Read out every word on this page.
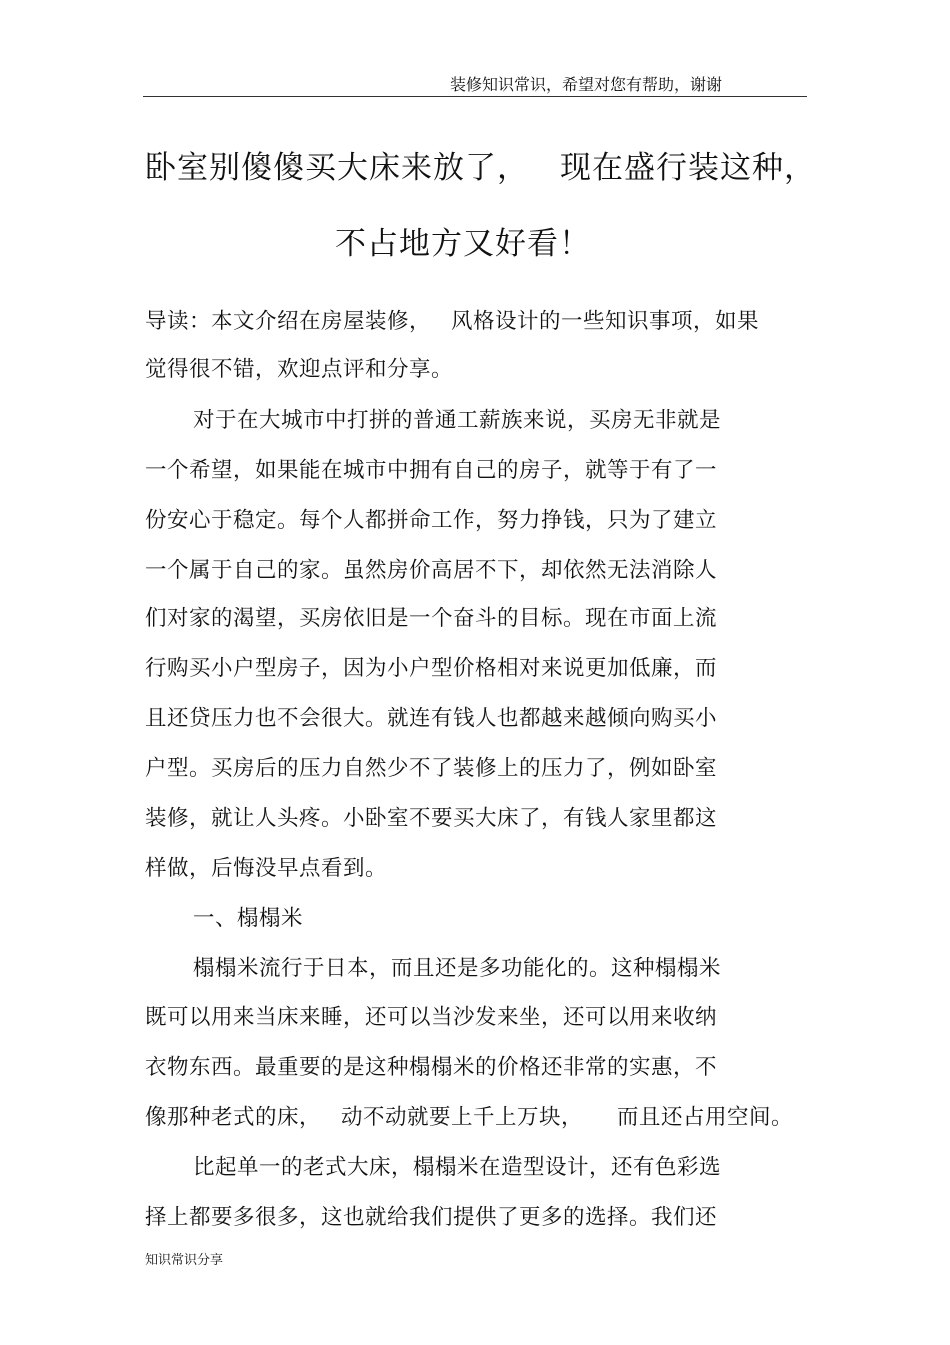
装修知识常识，希望对您有帮助，谢谢
卧室别傻傻买大床来放了， 现在盛行装这种，
不占地方又好看！
导读：本文介绍在房屋装修， 风格设计的一些知识事项，如果
觉得很不错，欢迎点评和分享。
对于在大城市中打拼的普通工薪族来说，买房无非就是
一个希望，如果能在城市中拥有自己的房子，就等于有了一
份安心于稳定。每个人都拼命工作，努力挣钱，只为了建立
一个属于自己的家。虽然房价高居不下，却依然无法消除人
们对家的渴望，买房依旧是一个奋斗的目标。现在市面上流
行购买小户型房子，因为小户型价格相对来说更加低廉，而
且还贷压力也不会很大。就连有钱人也都越来越倾向购买小
户型。买房后的压力自然少不了装修上的压力了，例如卧室
装修，就让人头疼。小卧室不要买大床了，有钱人家里都这
样做，后悔没早点看到。
一、榻榻米
榻榻米流行于日本，而且还是多功能化的。这种榻榻米
既可以用来当床来睡，还可以当沙发来坐，还可以用来收纳
衣物东西。最重要的是这种榻榻米的价格还非常的实惠，不
像那种老式的床， 动不动就要上千上万块， 而且还占用空间。
比起单一的老式大床，榻榻米在造型设计，还有色彩选
择上都要多很多，这也就给我们提供了更多的选择。我们还
知识常识分享
